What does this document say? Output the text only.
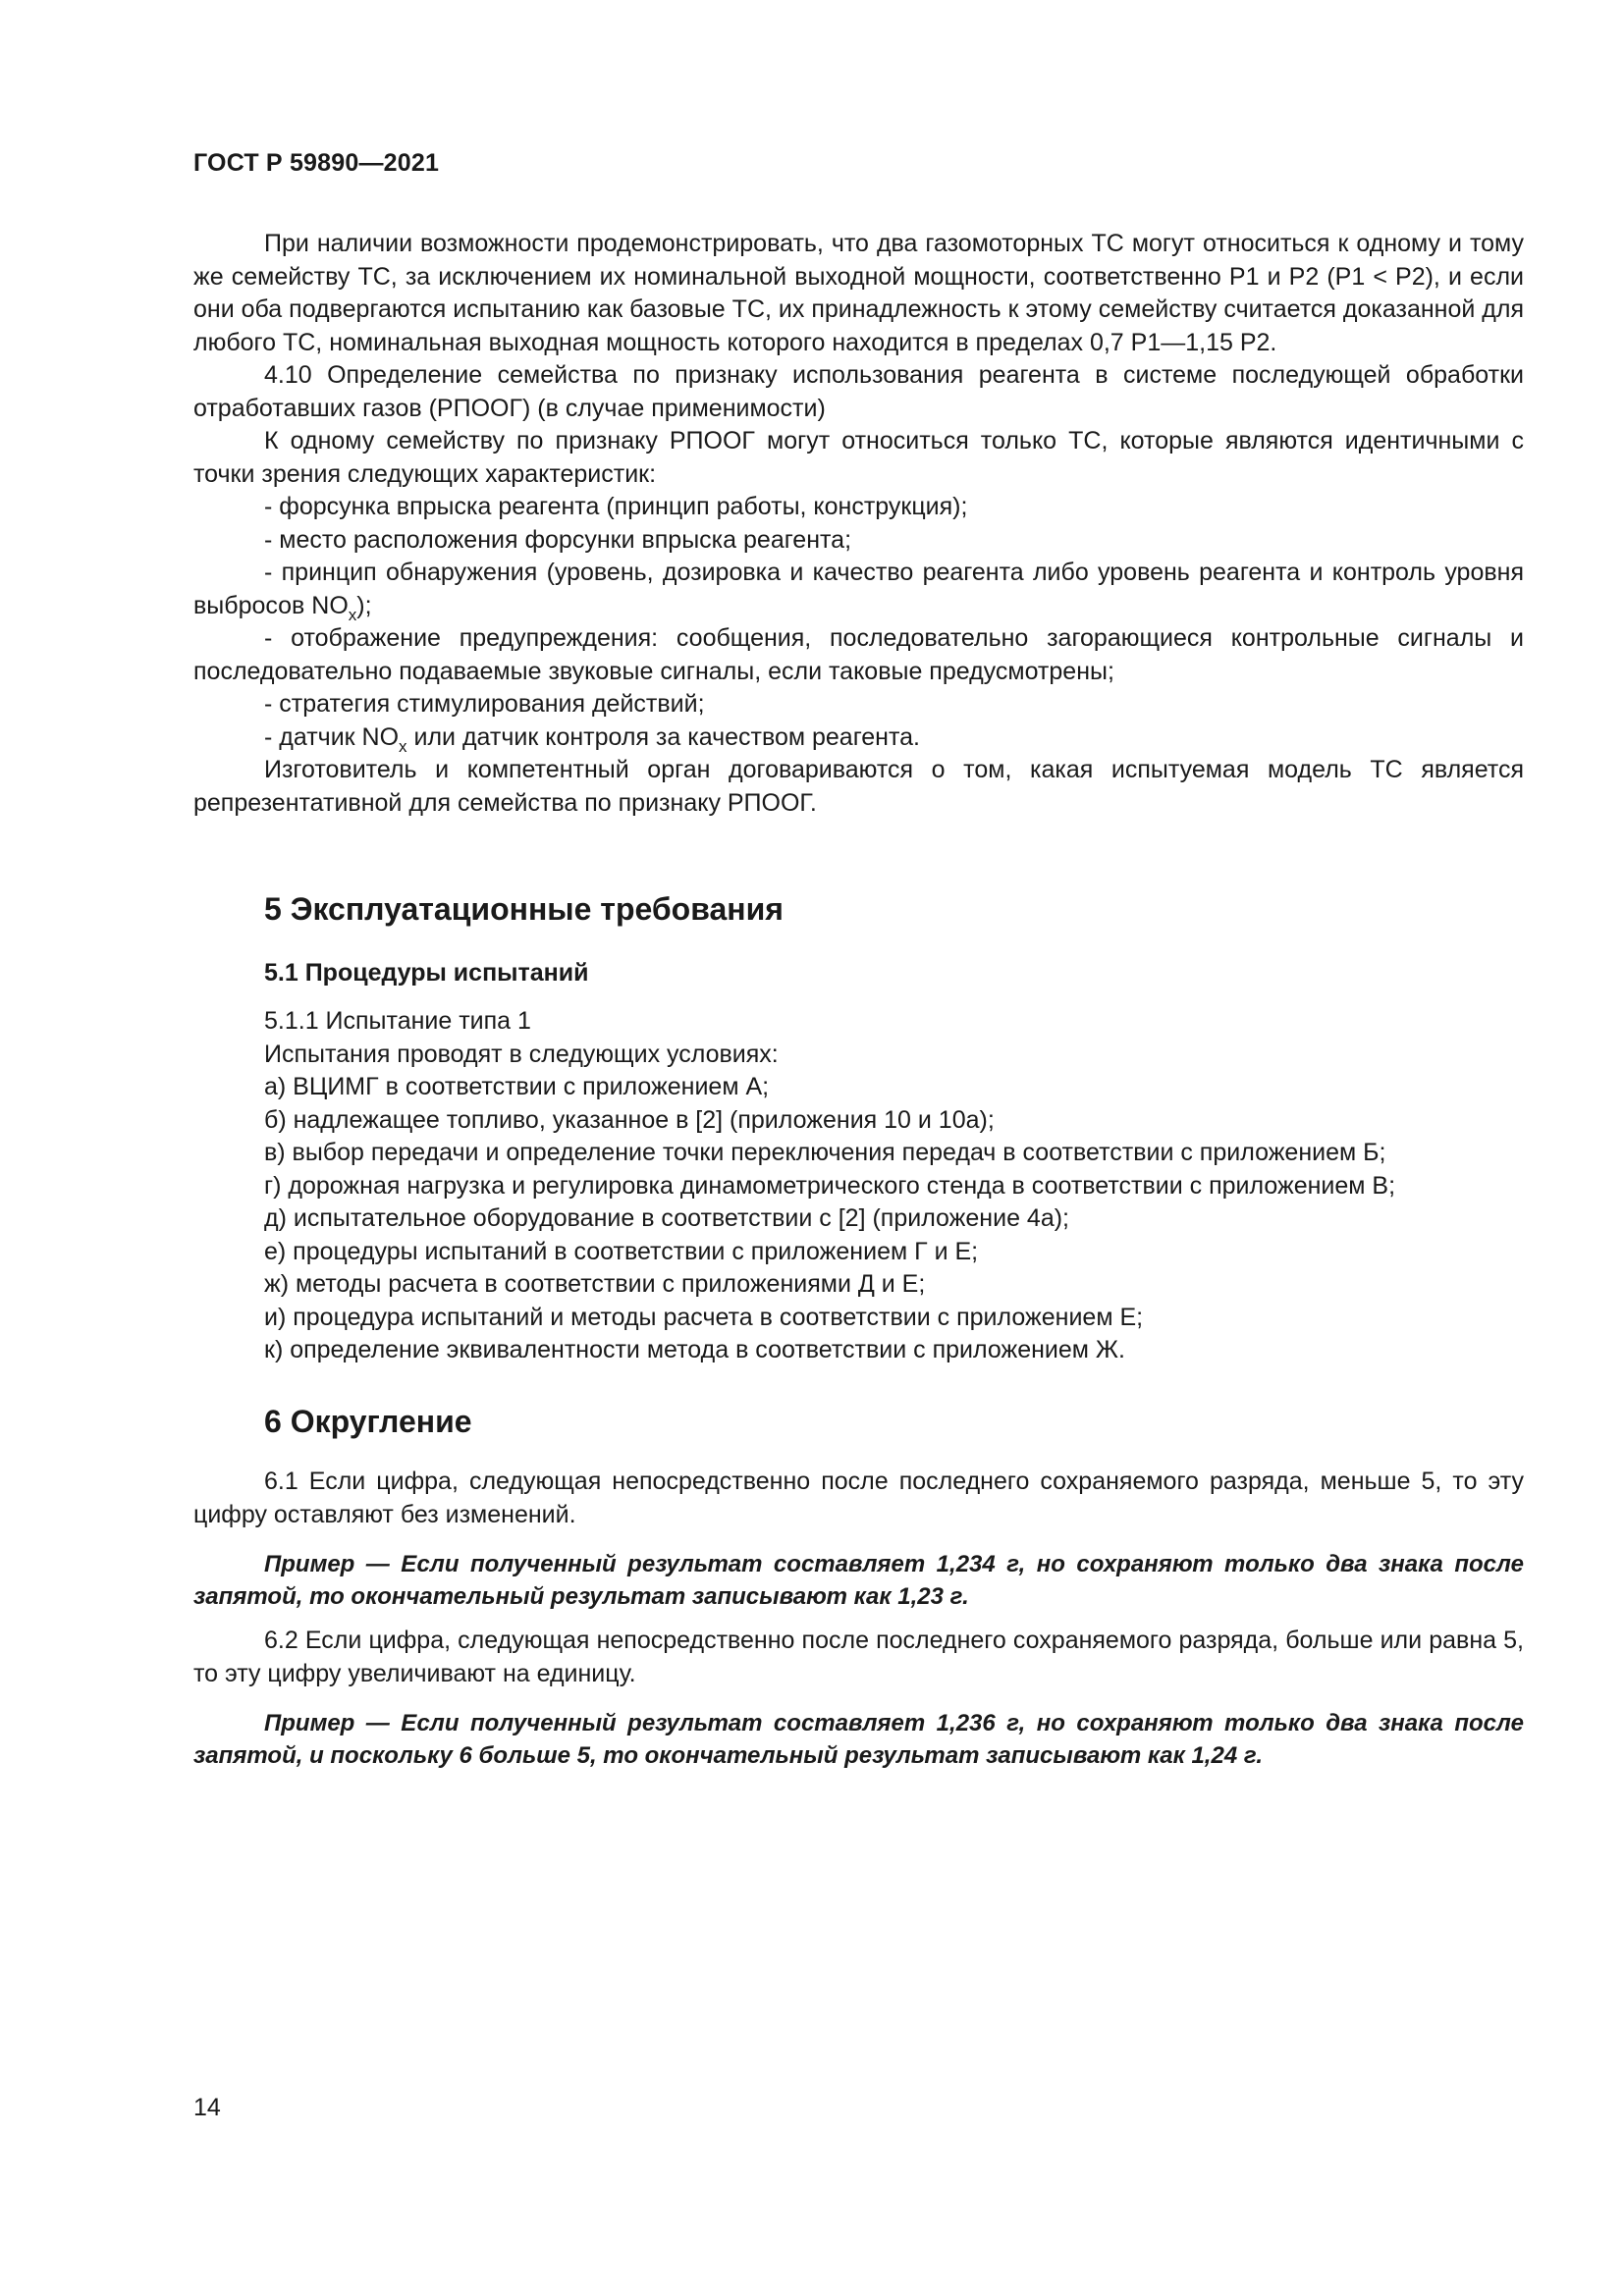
ГОСТ Р 59890—2021

При наличии возможности продемонстрировать, что два газомоторных ТС могут относиться к одному и тому же семейству ТС, за исключением их номинальной выходной мощности, соответственно P1 и P2 (P1 < P2), и если они оба подвергаются испытанию как базовые ТС, их принадлежность к этому семейству считается доказанной для любого ТС, номинальная выходная мощность которого находится в пределах 0,7 P1—1,15 P2.

4.10 Определение семейства по признаку использования реагента в системе последующей обработки отработавших газов (РПООГ) (в случае применимости)

К одному семейству по признаку РПООГ могут относиться только ТС, которые являются идентичными с точки зрения следующих характеристик:

- форсунка впрыска реагента (принцип работы, конструкция);

- место расположения форсунки впрыска реагента;

- принцип обнаружения (уровень, дозировка и качество реагента либо уровень реагента и контроль уровня выбросов $NO_x$);

- отображение предупреждения: сообщения, последовательно загорающиеся контрольные сигналы и последовательно подаваемые звуковые сигналы, если таковые предусмотрены;

- стратегия стимулирования действий;

- датчик $NO_x$ или датчик контроля за качеством реагента.

Изготовитель и компетентный орган договариваются о том, какая испытуемая модель ТС является репрезентативной для семейства по признаку РПООГ.

5 Эксплуатационные требования
5.1 Процедуры испытаний

5.1.1 Испытание типа 1

Испытания проводят в следующих условиях:

а) ВЦИМГ в соответствии с приложением А;

б) надлежащее топливо, указанное в [2] (приложения 10 и 10а);

в) выбор передачи и определение точки переключения передач в соответствии с приложением Б;

г) дорожная нагрузка и регулировка динамометрического стенда в соответствии с приложением В;

д) испытательное оборудование в соответствии с [2] (приложение 4а);

е) процедуры испытаний в соответствии с приложением Г и Е;

ж) методы расчета в соответствии с приложениями Д и Е;

и) процедура испытаний и методы расчета в соответствии с приложением Е;

к) определение эквивалентности метода в соответствии с приложением Ж.

6 Округление

6.1 Если цифра, следующая непосредственно после последнего сохраняемого разряда, меньше 5, то эту цифру оставляют без изменений.

Пример — Если полученный результат составляет 1,234 г, но сохраняют только два знака после запятой, то окончательный результат записывают как 1,23 г.

6.2 Если цифра, следующая непосредственно после последнего сохраняемого разряда, больше или равна 5, то эту цифру увеличивают на единицу.

Пример — Если полученный результат составляет 1,236 г, но сохраняют только два знака после запятой, и поскольку 6 больше 5, то окончательный результат записывают как 1,24 г.

14
